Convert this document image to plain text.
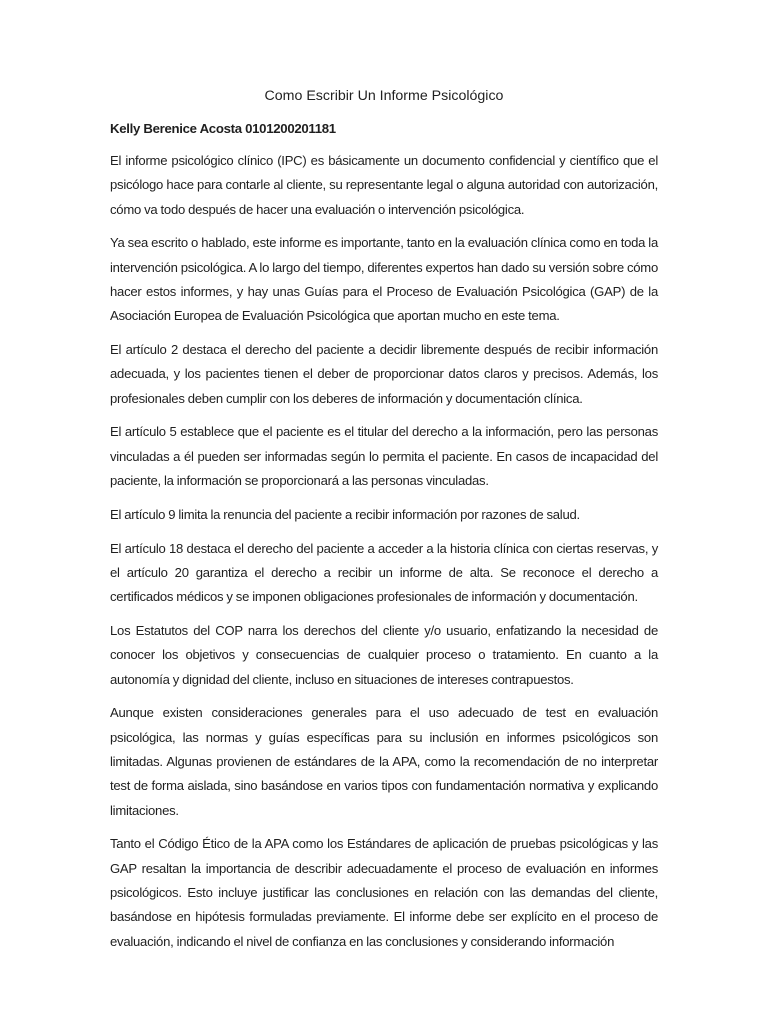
Como Escribir Un Informe Psicológico

Kelly Berenice Acosta 0101200201181

El informe psicológico clínico (IPC) es básicamente un documento confidencial y científico que el psicólogo hace para contarle al cliente, su representante legal o alguna autoridad con autorización, cómo va todo después de hacer una evaluación o intervención psicológica.

Ya sea escrito o hablado, este informe es importante, tanto en la evaluación clínica como en toda la intervención psicológica. A lo largo del tiempo, diferentes expertos han dado su versión sobre cómo hacer estos informes, y hay unas Guías para el Proceso de Evaluación Psicológica (GAP) de la Asociación Europea de Evaluación Psicológica que aportan mucho en este tema.

El artículo 2 destaca el derecho del paciente a decidir libremente después de recibir información adecuada, y los pacientes tienen el deber de proporcionar datos claros y precisos. Además, los profesionales deben cumplir con los deberes de información y documentación clínica.

El artículo 5 establece que el paciente es el titular del derecho a la información, pero las personas vinculadas a él pueden ser informadas según lo permita el paciente. En casos de incapacidad del paciente, la información se proporcionará a las personas vinculadas.

El artículo 9 limita la renuncia del paciente a recibir información por razones de salud.

El artículo 18 destaca el derecho del paciente a acceder a la historia clínica con ciertas reservas, y el artículo 20 garantiza el derecho a recibir un informe de alta. Se reconoce el derecho a certificados médicos y se imponen obligaciones profesionales de información y documentación.

Los Estatutos del COP narra los derechos del cliente y/o usuario, enfatizando la necesidad de conocer los objetivos y consecuencias de cualquier proceso o tratamiento. En cuanto a la autonomía y dignidad del cliente, incluso en situaciones de intereses contrapuestos.

Aunque existen consideraciones generales para el uso adecuado de test en evaluación psicológica, las normas y guías específicas para su inclusión en informes psicológicos son limitadas. Algunas provienen de estándares de la APA, como la recomendación de no interpretar test de forma aislada, sino basándose en varios tipos con fundamentación normativa y explicando limitaciones.

Tanto el Código Ético de la APA como los Estándares de aplicación de pruebas psicológicas y las GAP resaltan la importancia de describir adecuadamente el proceso de evaluación en informes psicológicos. Esto incluye justificar las conclusiones en relación con las demandas del cliente, basándose en hipótesis formuladas previamente. El informe debe ser explícito en el proceso de evaluación, indicando el nivel de confianza en las conclusiones y considerando información
